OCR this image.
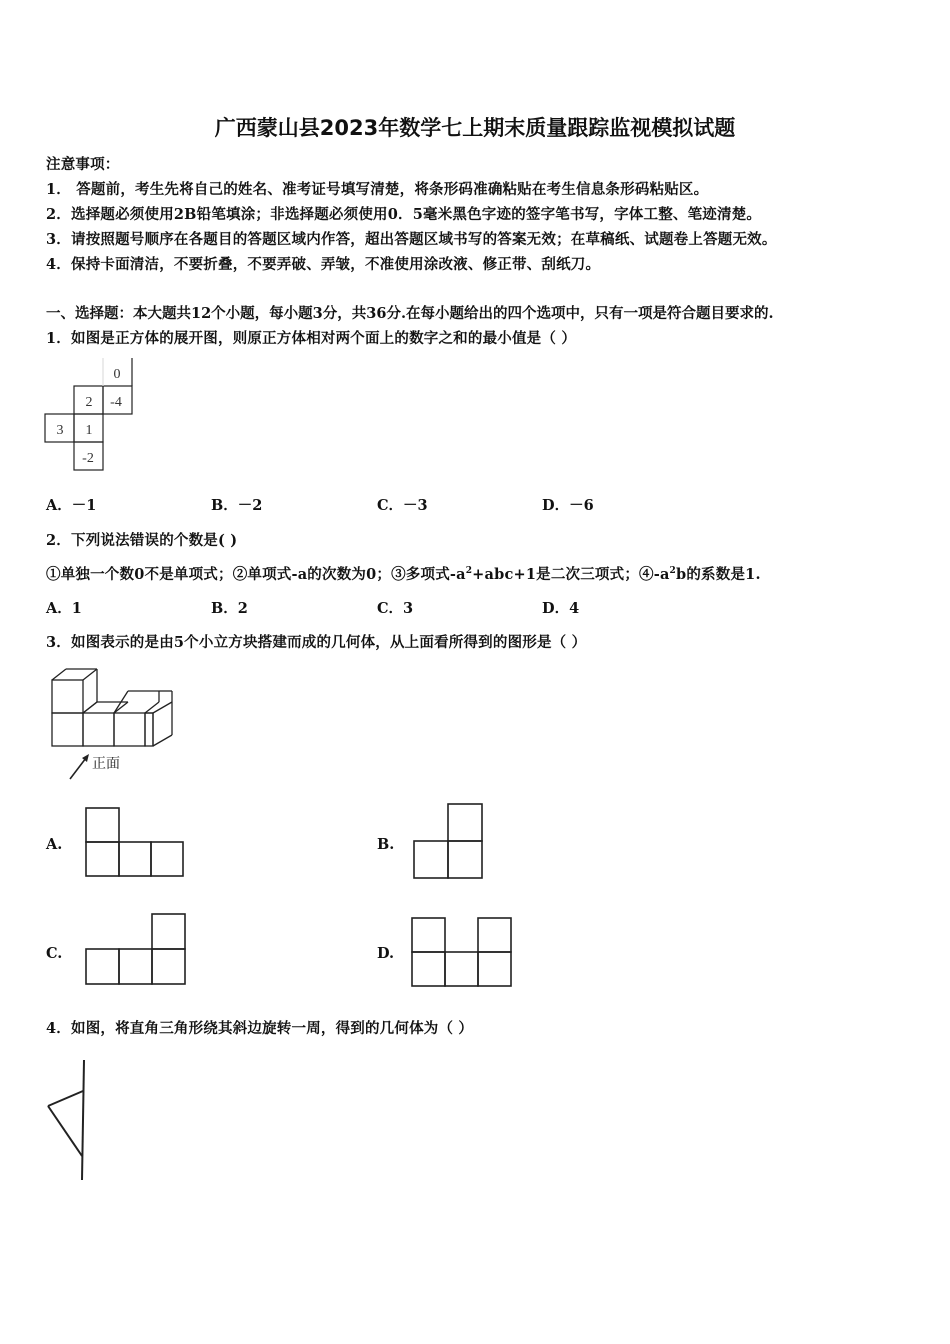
广西蒙山县2023年数学七上期末质量跟踪监视模拟试题
注意事项：
1． 答题前，考生先将自己的姓名、准考证号填写清楚，将条形码准确粘贴在考生信息条形码粘贴区。
2．选择题必须使用2B铅笔填涂；非选择题必须使用0．5毫米黑色字迹的签字笔书写，字体工整、笔迹清楚。
3．请按照题号顺序在各题目的答题区域内作答，超出答题区域书写的答案无效；在草稿纸、试题卷上答题无效。
4．保持卡面清洁，不要折叠，不要弄破、弄皱，不准使用涂改液、修正带、刮纸刀。
一、选择题：本大题共12个小题，每小题3分，共36分.在每小题给出的四个选项中，只有一项是符合题目要求的.
1．如图是正方体的展开图，则原正方体相对两个面上的数字之和的最小值是（ ）
0
2 -4
3 1
-2
A．－1	B．－2	C．－3	D．－6
2．下列说法错误的个数是( )
①单独一个数0不是单项式；②单项式-a的次数为0；③多项式$-a^2+abc+1$是二次三项式；$④-a^2b$的系数是1.
A．1	B．2	C．3	D．4
3．如图表示的是由5个小立方块搭建而成的几何体，从上面看所得到的图形是（ ）
正面
A.	B.
C.	D.
4．如图，将直角三角形绕其斜边旋转一周，得到的几何体为（ ）
